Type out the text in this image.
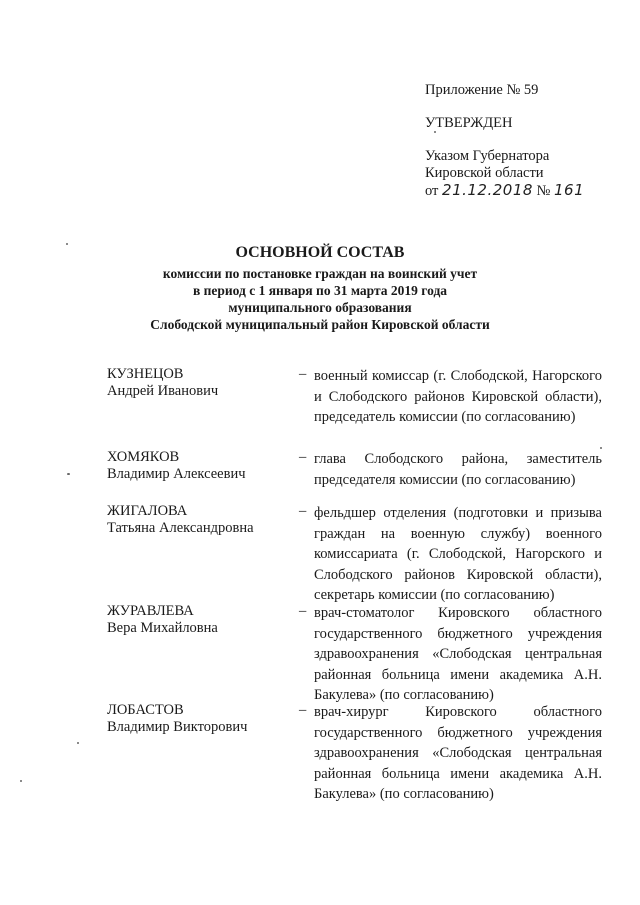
Приложение № 59
УТВЕРЖДЕН
Указом Губернатора
Кировской области
от 21.12.2018 № 161
ОСНОВНОЙ СОСТАВ
комиссии по постановке граждан на воинский учет
в период с 1 января по 31 марта 2019 года
муниципального образования
Слободской муниципальный район Кировской области
КУЗНЕЦОВ
Андрей Иванович
– военный комиссар (г. Слободской, Нагорского и Слободского районов Кировской области), председатель комиссии (по согласованию)
ХОМЯКОВ
Владимир Алексеевич
– глава Слободского района, заместитель председателя комиссии (по согласованию)
ЖИГАЛОВА
Татьяна Александровна
– фельдшер отделения (подготовки и призыва граждан на военную службу) военного комиссариата (г. Слободской, Нагорского и Слободского районов Кировской области), секретарь комиссии (по согласованию)
ЖУРАВЛЕВА
Вера Михайловна
– врач-стоматолог Кировского областного государственного бюджетного учреждения здравоохранения «Слободская центральная районная больница имени академика А.Н. Бакулева» (по согласованию)
ЛОБАСТОВ
Владимир Викторович
– врач-хирург Кировского областного государственного бюджетного учреждения здравоохранения «Слободская центральная районная больница имени академика А.Н. Бакулева» (по согласованию)
